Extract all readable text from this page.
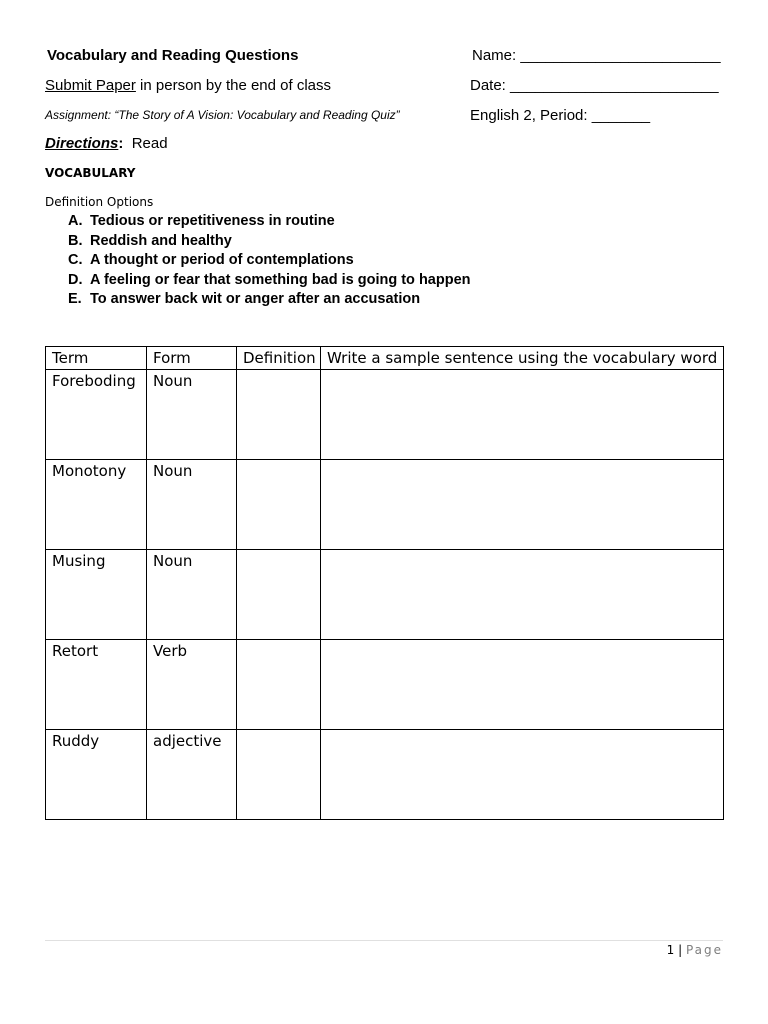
Vocabulary and Reading Questions
Submit Paper in person by the end of class
Assignment: “The Story of A Vision: Vocabulary and Reading Quiz”
Name: ________________________
Date: _________________________
English 2, Period: _______
Directions:  Read
VOCABULARY
Definition Options
A. Tedious or repetitiveness in routine
B. Reddish and healthy
C. A thought or period of contemplations
D. A feeling or fear that something bad is going to happen
E. To answer back wit or anger after an accusation
Term	Form	Definition	Write a sample sentence using the vocabulary word
Foreboding	Noun		
Monotony	Noun		
Musing	Noun		
Retort	Verb		
Ruddy	adjective		
1 | Page
